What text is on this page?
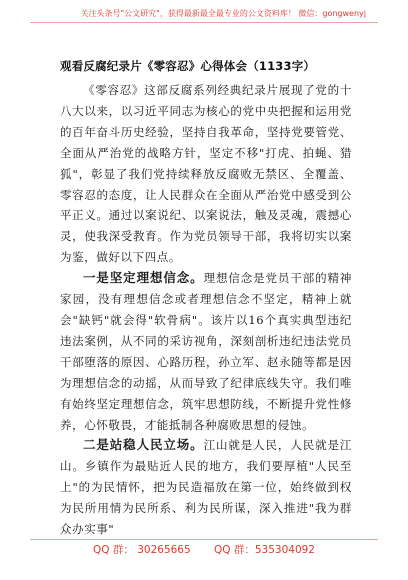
关注头条号"公文研究"，获得最新最全最专业的公文资料库！ 微信：gongwenyj
观看反腐纪录片《零容忍》心得体会（1133字）

《零容忍》这部反腐系列经典纪录片展现了党的十八大以来，以习近平同志为核心的党中央把握和运用党的百年奋斗历史经验，坚持自我革命，坚持党要管党、全面从严治党的战略方针，坚定不移"打虎、拍蝇、猎狐"，彰显了我们党持续释放反腐败无禁区、全覆盖、零容忍的态度，让人民群众在全面从严治党中感受到公平正义。通过以案说纪、以案说法，触及灵魂，震撼心灵，使我深受教育。作为党员领导干部，我将切实以案为鉴，做好以下四点。

一是坚定理想信念。理想信念是党员干部的精神家园，没有理想信念或者理想信念不坚定，精神上就会"缺钙"就会得"软骨病"。该片以16个真实典型违纪违法案例，从不同的采访视角，深刻剖析违纪违法党员干部堕落的原因、心路历程，孙立军、赵永随等都是因为理想信念的动摇，从而导致了纪律底线失守。我们唯有始终坚定理想信念，筑牢思想防线，不断提升党性修养，心怀敬畏，才能抵制各种腐败思想的侵蚀。

二是站稳人民立场。江山就是人民，人民就是江山。乡镇作为最贴近人民的地方，我们要厚植"人民至上"的为民情怀，把为民造福放在第一位，始终做到权为民所用情为民所系、利为民所谋，深入推进"我为群众办实事"

QQ 群： 30265665 QQ 群：535304092
